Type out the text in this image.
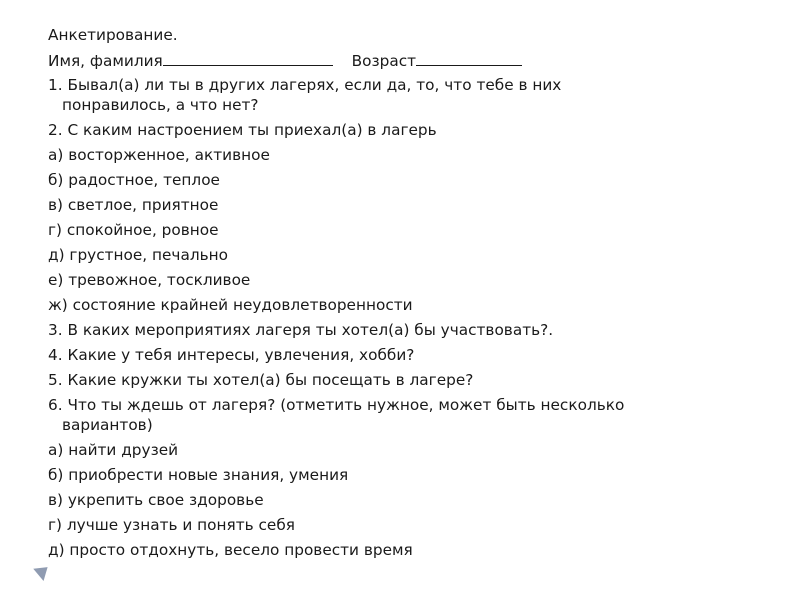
Анкетирование.

Имя, фамилия	Возраст

1. Бывал(а) ли ты в других лагерях, если да, то, что тебе в них
понравилось, а что нет?

2. С каким настроением ты приехал(а) в лагерь

а) восторженное, активное

б) радостное, теплое

в) светлое, приятное

г) спокойное, ровное

д) грустное, печально

е) тревожное, тоскливое

ж) состояние крайней неудовлетворенности

3. В каких мероприятиях лагеря ты хотел(а) бы участвовать?.

4. Какие у тебя интересы, увлечения, хобби?

5. Какие кружки ты хотел(а) бы посещать в лагере?

6. Что ты ждешь от лагеря? (отметить нужное, может быть несколько
вариантов)

а) найти друзей

б) приобрести новые знания, умения

в) укрепить свое здоровье

г) лучше узнать и понять себя

д) просто отдохнуть, весело провести время
